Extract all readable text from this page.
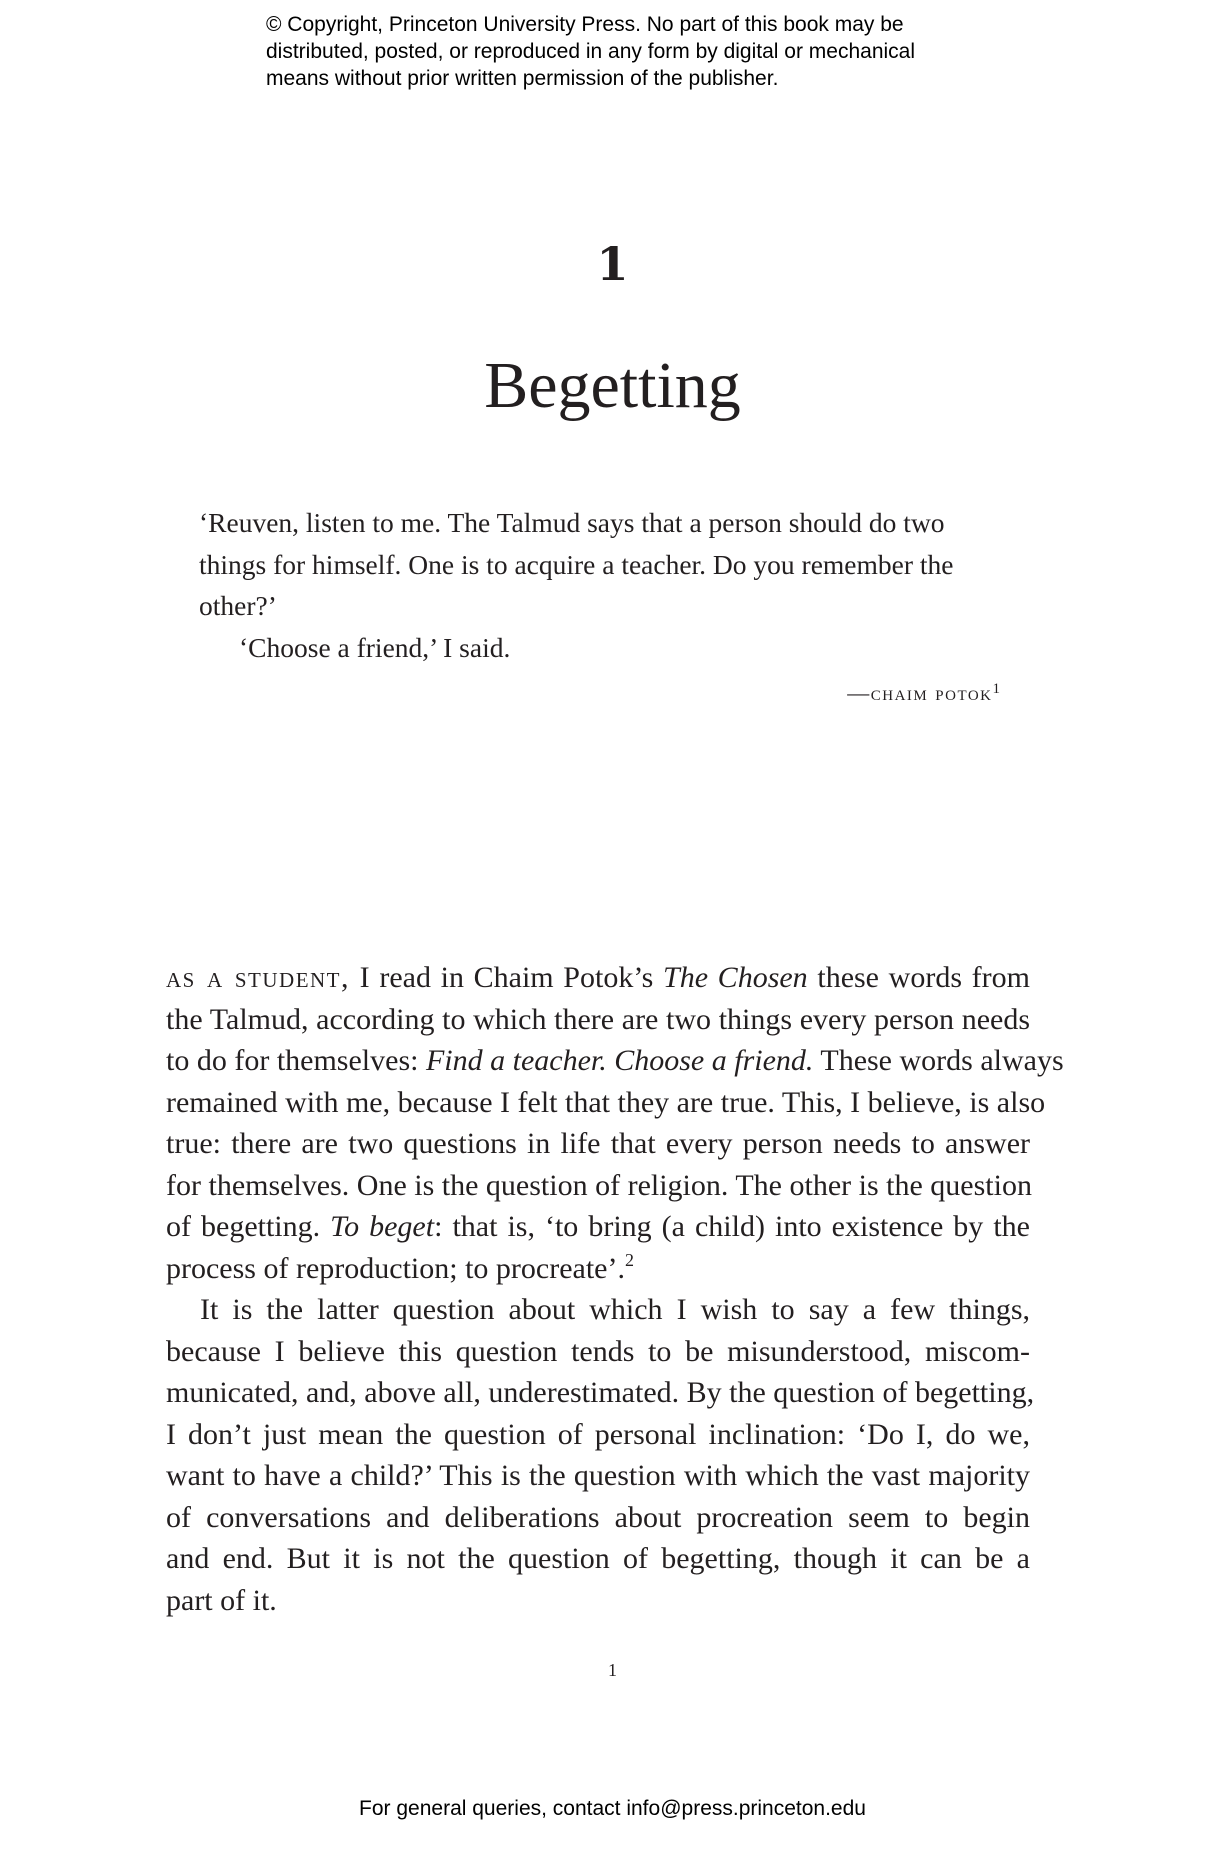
© Copyright, Princeton University Press. No part of this book may be
distributed, posted, or reproduced in any form by digital or mechanical
means without prior written permission of the publisher.
1
Begetting
‘Reuven, listen to me. The Talmud says that a person should do two
things for himself. One is to acquire a teacher. Do you remember the
other?’
‘Choose a friend,’ I said.
—chaim potok$^1$
as a student, I read in Chaim Potok’s The Chosen these words from
the Talmud, according to which there are two things every person needs
to do for themselves: Find a teacher. Choose a friend. These words always
remained with me, because I felt that they are true. This, I believe, is also
true: there are two questions in life that every person needs to answer
for themselves. One is the question of religion. The other is the question
of begetting. To beget: that is, ‘to bring (a child) into existence by the
process of reproduction; to procreate’.$^2$
It is the latter question about which I wish to say a few things,
because I believe this question tends to be misunderstood, miscom-
municated, and, above all, underestimated. By the question of begetting,
I don’t just mean the question of personal inclination: ‘Do I, do we,
want to have a child?’ This is the question with which the vast majority
of conversations and deliberations about procreation seem to begin
and end. But it is not the question of begetting, though it can be a
part of it.
1
For general queries, contact info@press.princeton.edu
